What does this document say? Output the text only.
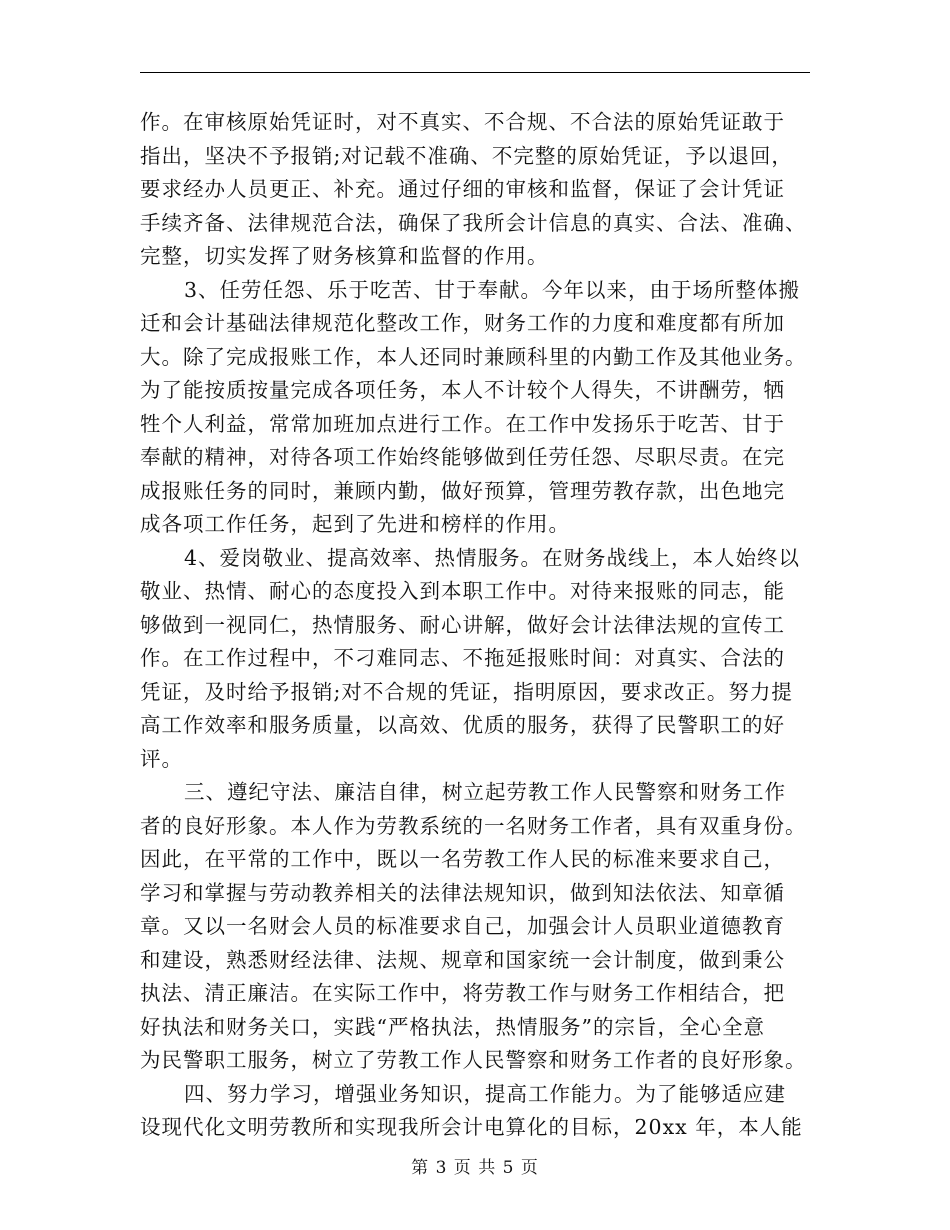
作。在审核原始凭证时，对不真实、不合规、不合法的原始凭证敢于
指出，坚决不予报销;对记载不准确、不完整的原始凭证，予以退回，
要求经办人员更正、补充。通过仔细的审核和监督，保证了会计凭证
手续齐备、法律规范合法，确保了我所会计信息的真实、合法、准确、
完整，切实发挥了财务核算和监督的作用。
3、任劳任怨、乐于吃苦、甘于奉献。今年以来，由于场所整体搬
迁和会计基础法律规范化整改工作，财务工作的力度和难度都有所加
大。除了完成报账工作，本人还同时兼顾科里的内勤工作及其他业务。
为了能按质按量完成各项任务，本人不计较个人得失，不讲酬劳，牺
牲个人利益，常常加班加点进行工作。在工作中发扬乐于吃苦、甘于
奉献的精神，对待各项工作始终能够做到任劳任怨、尽职尽责。在完
成报账任务的同时，兼顾内勤，做好预算，管理劳教存款，出色地完
成各项工作任务，起到了先进和榜样的作用。
4、爱岗敬业、提高效率、热情服务。在财务战线上，本人始终以
敬业、热情、耐心的态度投入到本职工作中。对待来报账的同志，能
够做到一视同仁，热情服务、耐心讲解，做好会计法律法规的宣传工
作。在工作过程中，不刁难同志、不拖延报账时间：对真实、合法的
凭证，及时给予报销;对不合规的凭证，指明原因，要求改正。努力提
高工作效率和服务质量，以高效、优质的服务，获得了民警职工的好
评。
三、遵纪守法、廉洁自律，树立起劳教工作人民警察和财务工作
者的良好形象。本人作为劳教系统的一名财务工作者，具有双重身份。
因此，在平常的工作中，既以一名劳教工作人民的标准来要求自己，
学习和掌握与劳动教养相关的法律法规知识，做到知法依法、知章循
章。又以一名财会人员的标准要求自己，加强会计人员职业道德教育
和建设，熟悉财经法律、法规、规章和国家统一会计制度，做到秉公
执法、清正廉洁。在实际工作中，将劳教工作与财务工作相结合，把
好执法和财务关口，实践“严格执法，热情服务”的宗旨，全心全意
为民警职工服务，树立了劳教工作人民警察和财务工作者的良好形象。
四、努力学习，增强业务知识，提高工作能力。为了能够适应建
设现代化文明劳教所和实现我所会计电算化的目标，20xx 年，本人能
第 3 页 共 5 页
